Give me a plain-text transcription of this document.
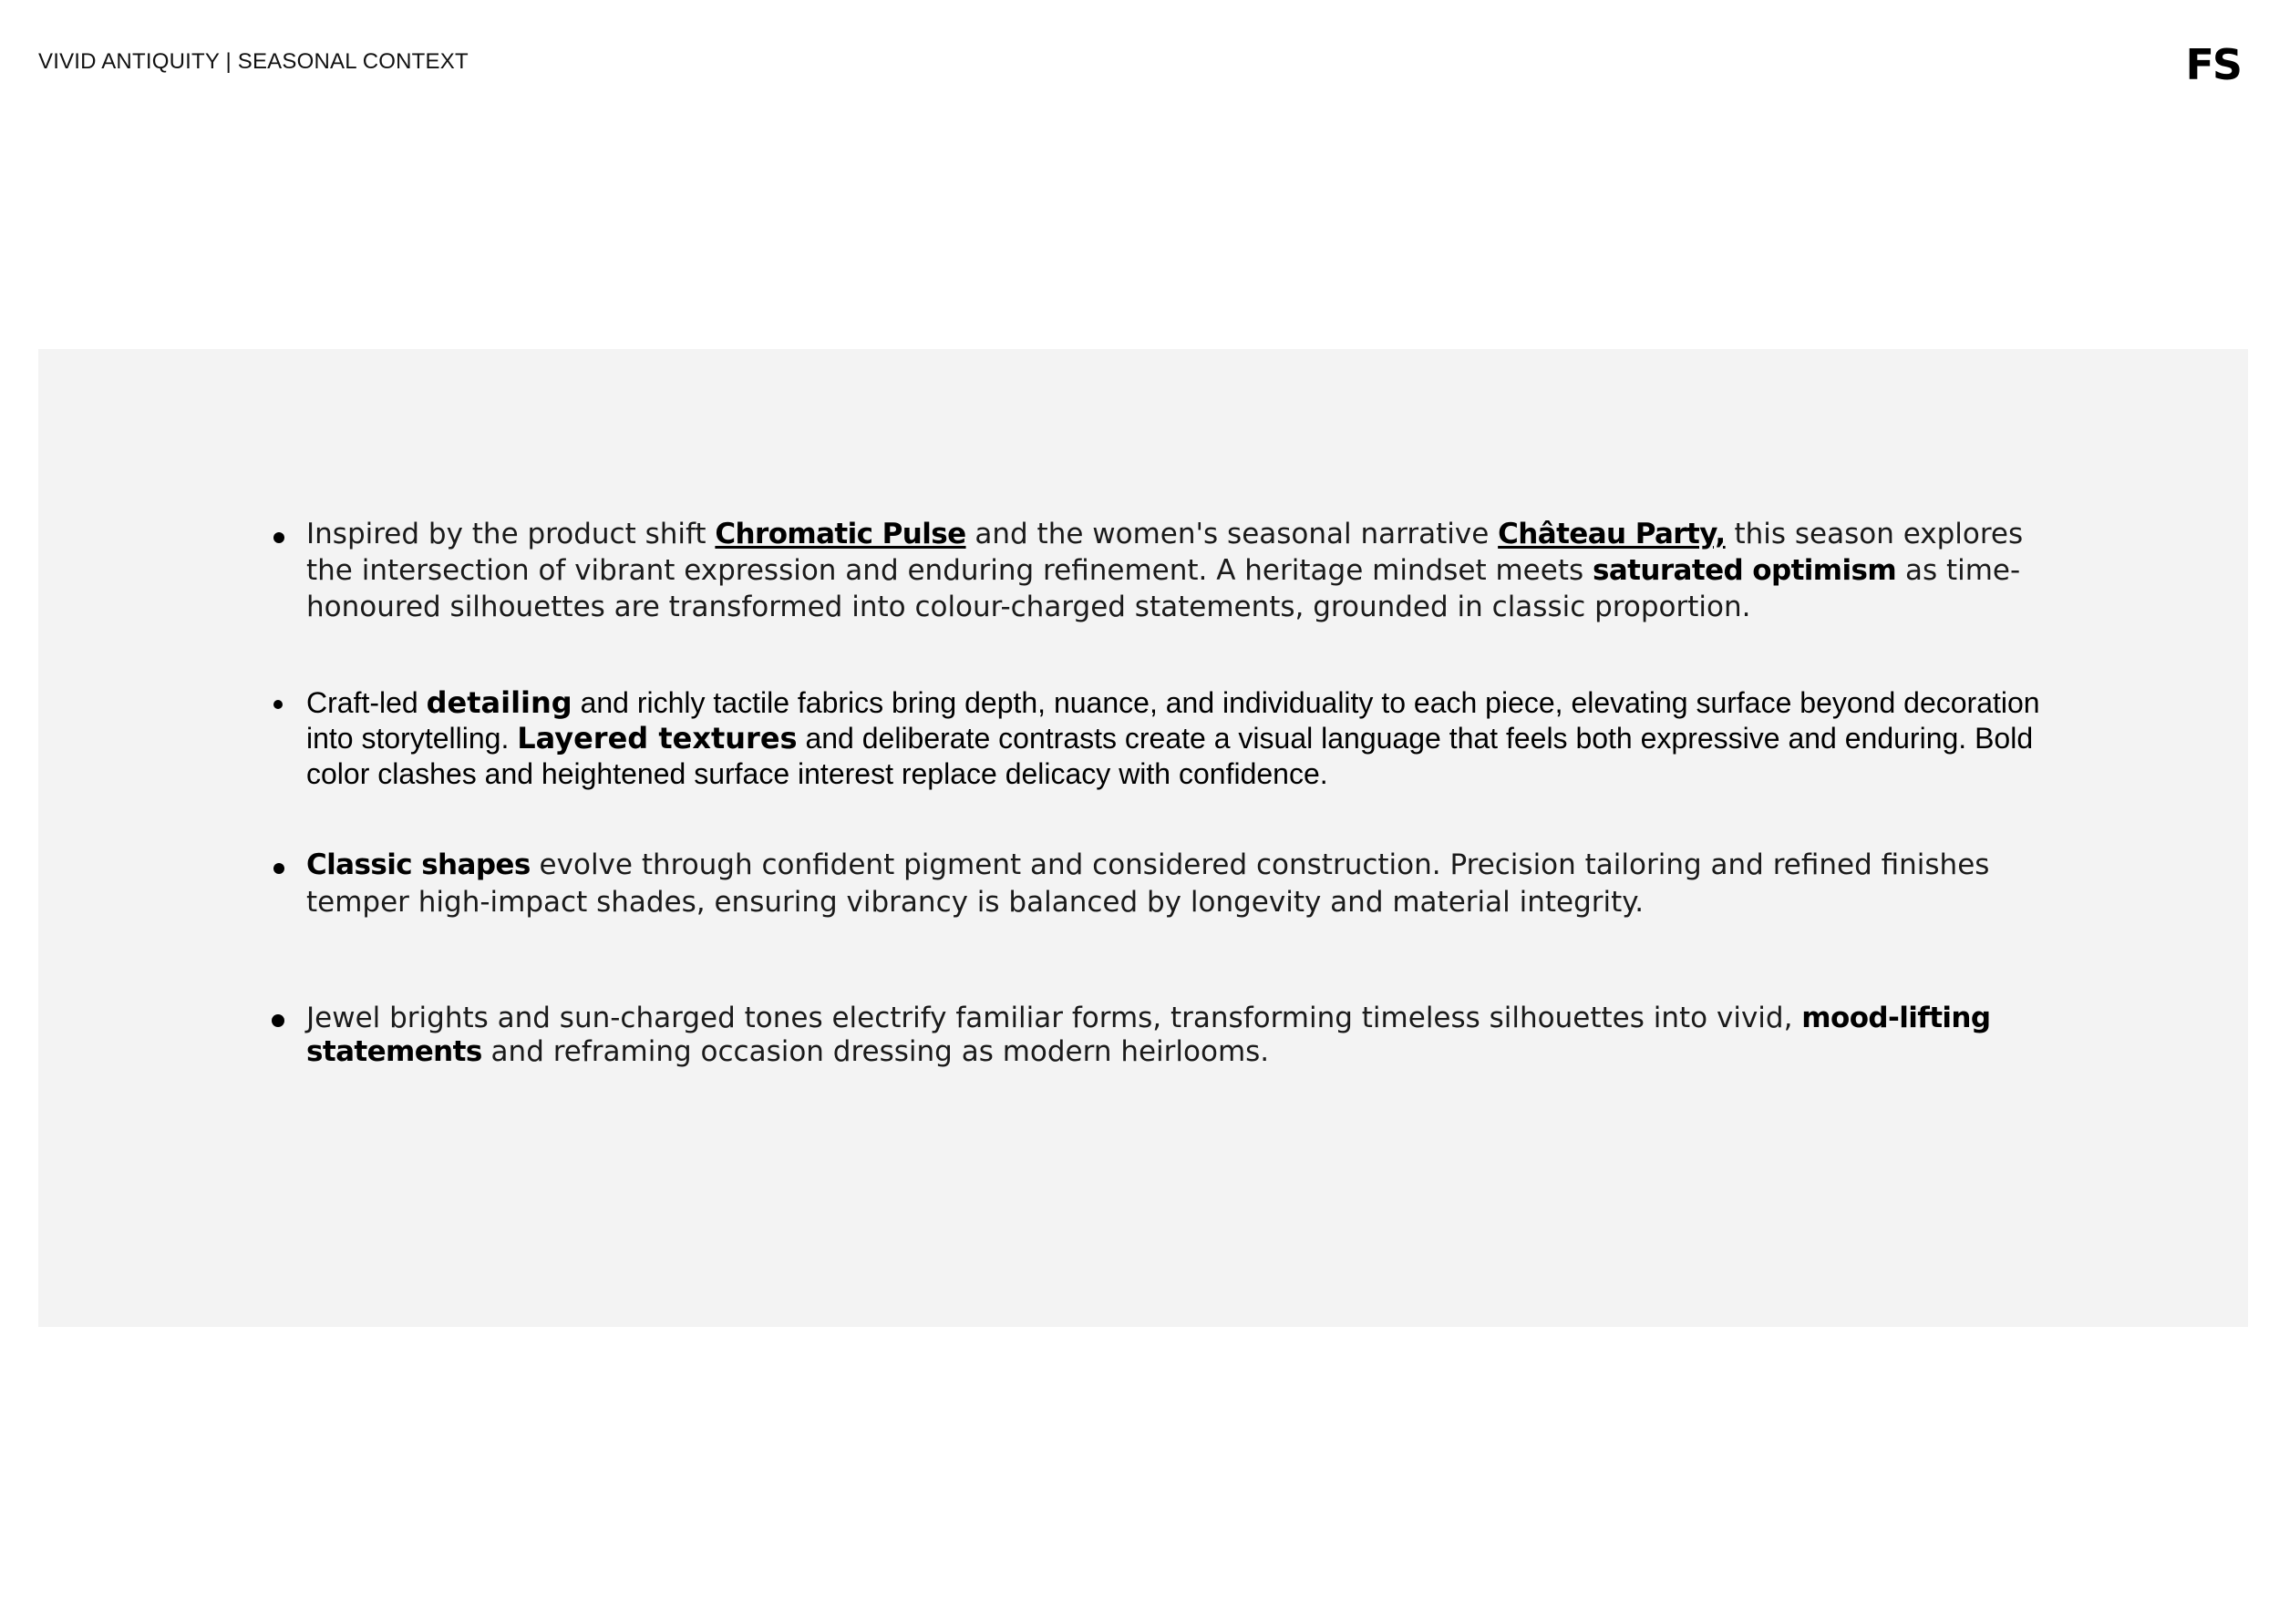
VIVID ANTIQUITY | SEASONAL CONTEXT	FS
Inspired by the product shift Chromatic Pulse and the women's seasonal narrative Château Party, this season explores the intersection of vibrant expression and enduring refinement. A heritage mindset meets saturated optimism as time-honoured silhouettes are transformed into colour-charged statements, grounded in classic proportion.
Craft-led detailing and richly tactile fabrics bring depth, nuance, and individuality to each piece, elevating surface beyond decoration into storytelling. Layered textures and deliberate contrasts create a visual language that feels both expressive and enduring. Bold color clashes and heightened surface interest replace delicacy with confidence.
Classic shapes evolve through confident pigment and considered construction. Precision tailoring and refined finishes temper high-impact shades, ensuring vibrancy is balanced by longevity and material integrity.
Jewel brights and sun-charged tones electrify familiar forms, transforming timeless silhouettes into vivid, mood-lifting statements and reframing occasion dressing as modern heirlooms.
